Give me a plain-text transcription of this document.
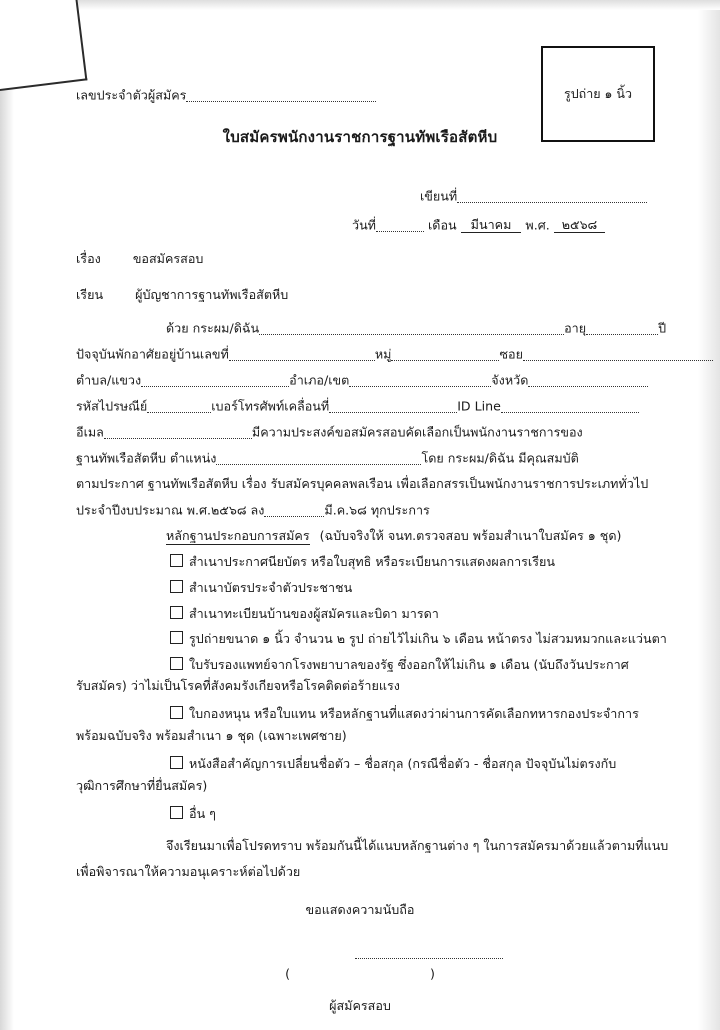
รูปถ่าย ๑ นิ้ว
เลขประจำตัวผู้สมัคร
ใบสมัครพนักงานราชการฐานทัพเรือสัตหีบ
เขียนที่
วันที่	เดือน มีนาคม พ.ศ. ๒๕๖๘
เรื่อง	ขอสมัครสอบ
เรียน	ผู้บัญชาการฐานทัพเรือสัตหีบ
ด้วย กระผม/ดิฉัน	อายุ	ปี
ปัจจุบันพักอาศัยอยู่บ้านเลขที่	หมู่	ซอย
ตำบล/แขวง	อำเภอ/เขต	จังหวัด
รหัสไปรษณีย์	เบอร์โทรศัพท์เคลื่อนที่	ID Line
อีเมล	มีความประสงค์ขอสมัครสอบคัดเลือกเป็นพนักงานราชการของ
ฐานทัพเรือสัตหีบ ตำแหน่ง	โดย กระผม/ดิฉัน มีคุณสมบัติ
ตามประกาศ ฐานทัพเรือสัตหีบ เรื่อง รับสมัครบุคคลพลเรือน เพื่อเลือกสรรเป็นพนักงานราชการประเภททั่วไป
ประจำปีงบประมาณ พ.ศ.๒๕๖๘ ลง	มี.ค.๖๘ ทุกประการ
หลักฐานประกอบการสมัคร (ฉบับจริงให้ จนท.ตรวจสอบ พร้อมสำเนาใบสมัคร ๑ ชุด)
สำเนาประกาศนียบัตร หรือใบสุทธิ หรือระเบียนการแสดงผลการเรียน
สำเนาบัตรประจำตัวประชาชน
สำเนาทะเบียนบ้านของผู้สมัครและบิดา มารดา
รูปถ่ายขนาด ๑ นิ้ว จำนวน ๒ รูป ถ่ายไว้ไม่เกิน ๖ เดือน หน้าตรง ไม่สวมหมวกและแว่นตา
ใบรับรองแพทย์จากโรงพยาบาลของรัฐ ซึ่งออกให้ไม่เกิน ๑ เดือน (นับถึงวันประกาศ
รับสมัคร) ว่าไม่เป็นโรคที่สังคมรังเกียจหรือโรคติดต่อร้ายแรง
ใบกองหนุน หรือใบแทน หรือหลักฐานที่แสดงว่าผ่านการคัดเลือกทหารกองประจำการ
พร้อมฉบับจริง พร้อมสำเนา ๑ ชุด (เฉพาะเพศชาย)
หนังสือสำคัญการเปลี่ยนชื่อตัว – ชื่อสกุล (กรณีชื่อตัว - ชื่อสกุล ปัจจุบันไม่ตรงกับ
วุฒิการศึกษาที่ยื่นสมัคร)
อื่น ๆ
จึงเรียนมาเพื่อโปรดทราบ พร้อมกันนี้ได้แนบหลักฐานต่าง ๆ ในการสมัครมาด้วยแล้วตามที่แนบ
เพื่อพิจารณาให้ความอนุเคราะห์ต่อไปด้วย
ขอแสดงความนับถือ
(	)
ผู้สมัครสอบ
